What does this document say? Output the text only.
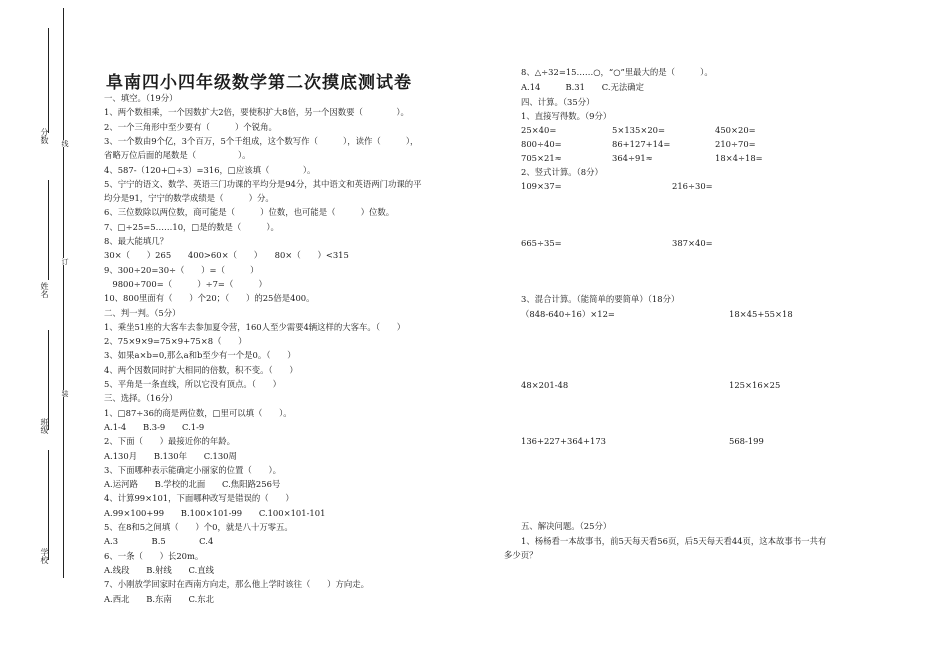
分数
姓名
班级
学校
线
订
装
阜南四小四年级数学第二次摸底测试卷
一、填空。（19分）
1、两个数相乘，一个因数扩大2倍，要使积扩大8倍，另一个因数要（　　　　）。
2、一个三角形中至少要有（　　　）个锐角。
3、一个数由9个亿，3个百万，5个千组成，这个数写作（　　　），读作（　　　），
省略万位后面的尾数是（　　　　　）。
4、587-（120+□÷3）=316，□应该填（　　　　）。
5、宁宁的语文、数学、英语三门功课的平均分是94分，其中语文和英语两门功课的平
均分是91，宁宁的数学成绩是（　　　）分。
6、三位数除以两位数，商可能是（　　　）位数，也可能是（　　　）位数。
7、□÷25=5……10，□是的数是（　　　）。
8、最大能填几？
30×（　　）265　　400>60×（　　）　　80×（　　）<315
9、300÷20=30÷（　　）=（　　　）
　9800÷700=（　　　）÷7=（　　　）
10、800里面有（　　）个20；（　　）的25倍是400。
二、判一判。（5分）
1、乘坐51座的大客车去参加夏令营，160人至少需要4辆这样的大客车。（　　）
2、75×9×9=75×9+75×8（　　）
3、如果a×b=0,那么a和b至少有一个是0。（　　）
4、两个因数同时扩大相同的倍数，积不变。（　　）
5、平角是一条直线，所以它没有顶点。（　　）
三、选择。（16分）
1、□87÷36的商是两位数，□里可以填（　　）。
A.1-4　　B.3-9　　C.1-9
2、下面（　　）最接近你的年龄。
A.130月　　B.130年　　C.130周
3、下面哪种表示能确定小丽家的位置（　　）。
A.运河路　　B.学校的北面　　C.焦阳路256号
4、计算99×101，下面哪种改写是错误的（　　）
A.99×100+99　　B.100×101-99　　C.100×101-101
5、在8和5之间填（　　）个0，就是八十万零五。
A.3　　　　B.5　　　　C.4
6、一条（　　）长20m。
A.线段　　B.射线　　C.直线
7、小刚放学回家时在西南方向走，那么他上学时该往（　　）方向走。
A.西北　　B.东南　　C.东北
8、△÷32=15……○，“○”里最大的是（　　　）。
A.14　　　B.31　　C.无法确定
四、计算。（35分）
1、直接写得数。（9分）
25×40=	5×135×20=	450×20=
800÷40=	86+127+14=	210÷70=
705×21≈	364÷91≈	18×4÷18=
2、竖式计算。（8分）
109×37=	216÷30=
665÷35=	387×40=
3、混合计算。（能简单的要简单）（18分）
（848-640÷16）×12=	18×45+55×18
48×201-48	125×16×25
136+227+364+173	568-199
五、解决问题。（25分）
1、杨杨看一本故事书，前5天每天看56页，后5天每天看44页，这本故事书一共有
多少页？
